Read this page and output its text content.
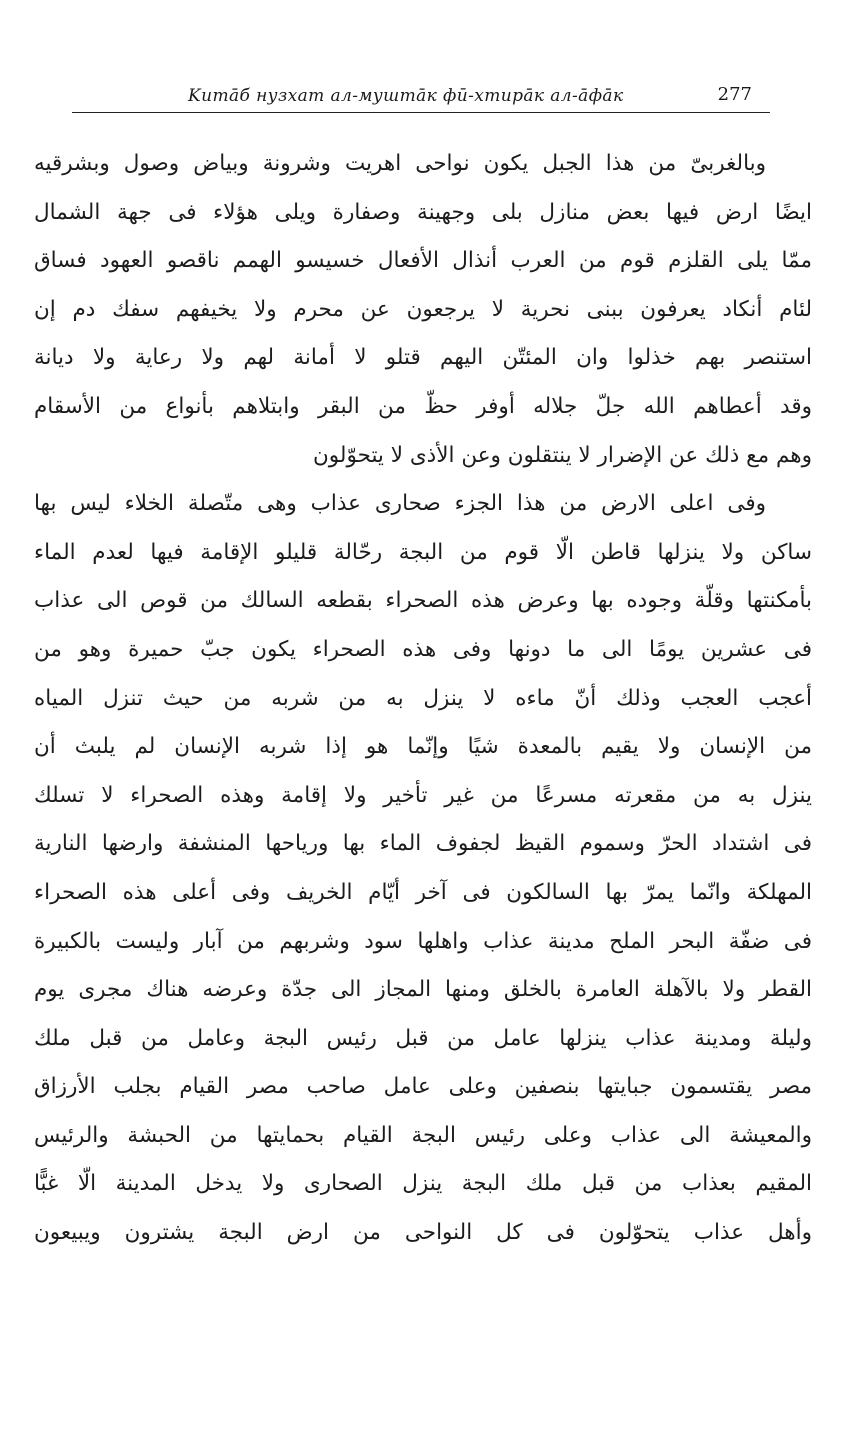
Kитāб нузхат ал-муштāк фӣ-хтирāк ал-āфāк	277
وبالغربىّ من هذا الجبل يكون نواحى اهريت وشرونة وبياض وصول وبشرقيه
ايضًا ارض فيها بعض منازل بلى وجهينة وصفارة ويلى هؤلاء فى جهة الشمال
ممّا يلى القلزم قوم من العرب أنذال الأفعال خسيسو الهمم ناقصو العهود فساق
لئام أنكاد يعرفون ببنى نحرية لا يرجعون عن محرم ولا يخيفهم سفك دم إن
استنصر بهم خذلوا وان المئتّن اليهم قتلو لا أمانة لهم ولا رعاية ولا ديانة
وقد أعطاهم الله جلّ جلاله أوفر حظّ من البقر وابتلاهم بأنواع من الأسقام
وهم مع ذلك عن الإضرار لا ينتقلون وعن الأذى لا يتحوّلون
وفى اعلى الارض من هذا الجزء صحارى عذاب وهى متّصلة الخلاء ليس بها
ساكن ولا ينزلها قاطن الّا قوم من البجة رحّالة قليلو الإقامة فيها لعدم الماء
بأمكنتها وقلّة وجوده بها وعرض هذه الصحراء بقطعه السالك من قوص الى عذاب
فى عشرين يومًا الى ما دونها وفى هذه الصحراء يكون جبّ حميرة وهو من
أعجب العجب وذلك أنّ ماءه لا ينزل به من شربه من حيث تنزل المياه
من الإنسان ولا يقيم بالمعدة شيًا وإنّما هو إذا شربه الإنسان لم يلبث أن
ينزل به من مقعرته مسرعًا من غير تأخير ولا إقامة وهذه الصحراء لا تسلك
فى اشتداد الحرّ وسموم القيظ لجفوف الماء بها ورياحها المنشفة وارضها النارية
المهلكة وانّما يمرّ بها السالكون فى آخر أيّام الخريف وفى أعلى هذه الصحراء
فى ضفّة البحر الملح مدينة عذاب واهلها سود وشربهم من آبار وليست بالكبيرة
القطر ولا بالآهلة العامرة بالخلق ومنها المجاز الى جدّة وعرضه هناك مجرى يوم
وليلة ومدينة عذاب ينزلها عامل من قبل رئيس البجة وعامل من قبل ملك
مصر يقتسمون جبايتها بنصفين وعلى عامل صاحب مصر القيام بجلب الأرزاق
والمعيشة الى عذاب وعلى رئيس البجة القيام بحمايتها من الحبشة والرئيس
المقيم بعذاب من قبل ملك البجة ينزل الصحارى ولا يدخل المدينة الّا غبًّا
وأهل عذاب يتحوّلون فى كل النواحى من ارض البجة يشترون ويبيعون
